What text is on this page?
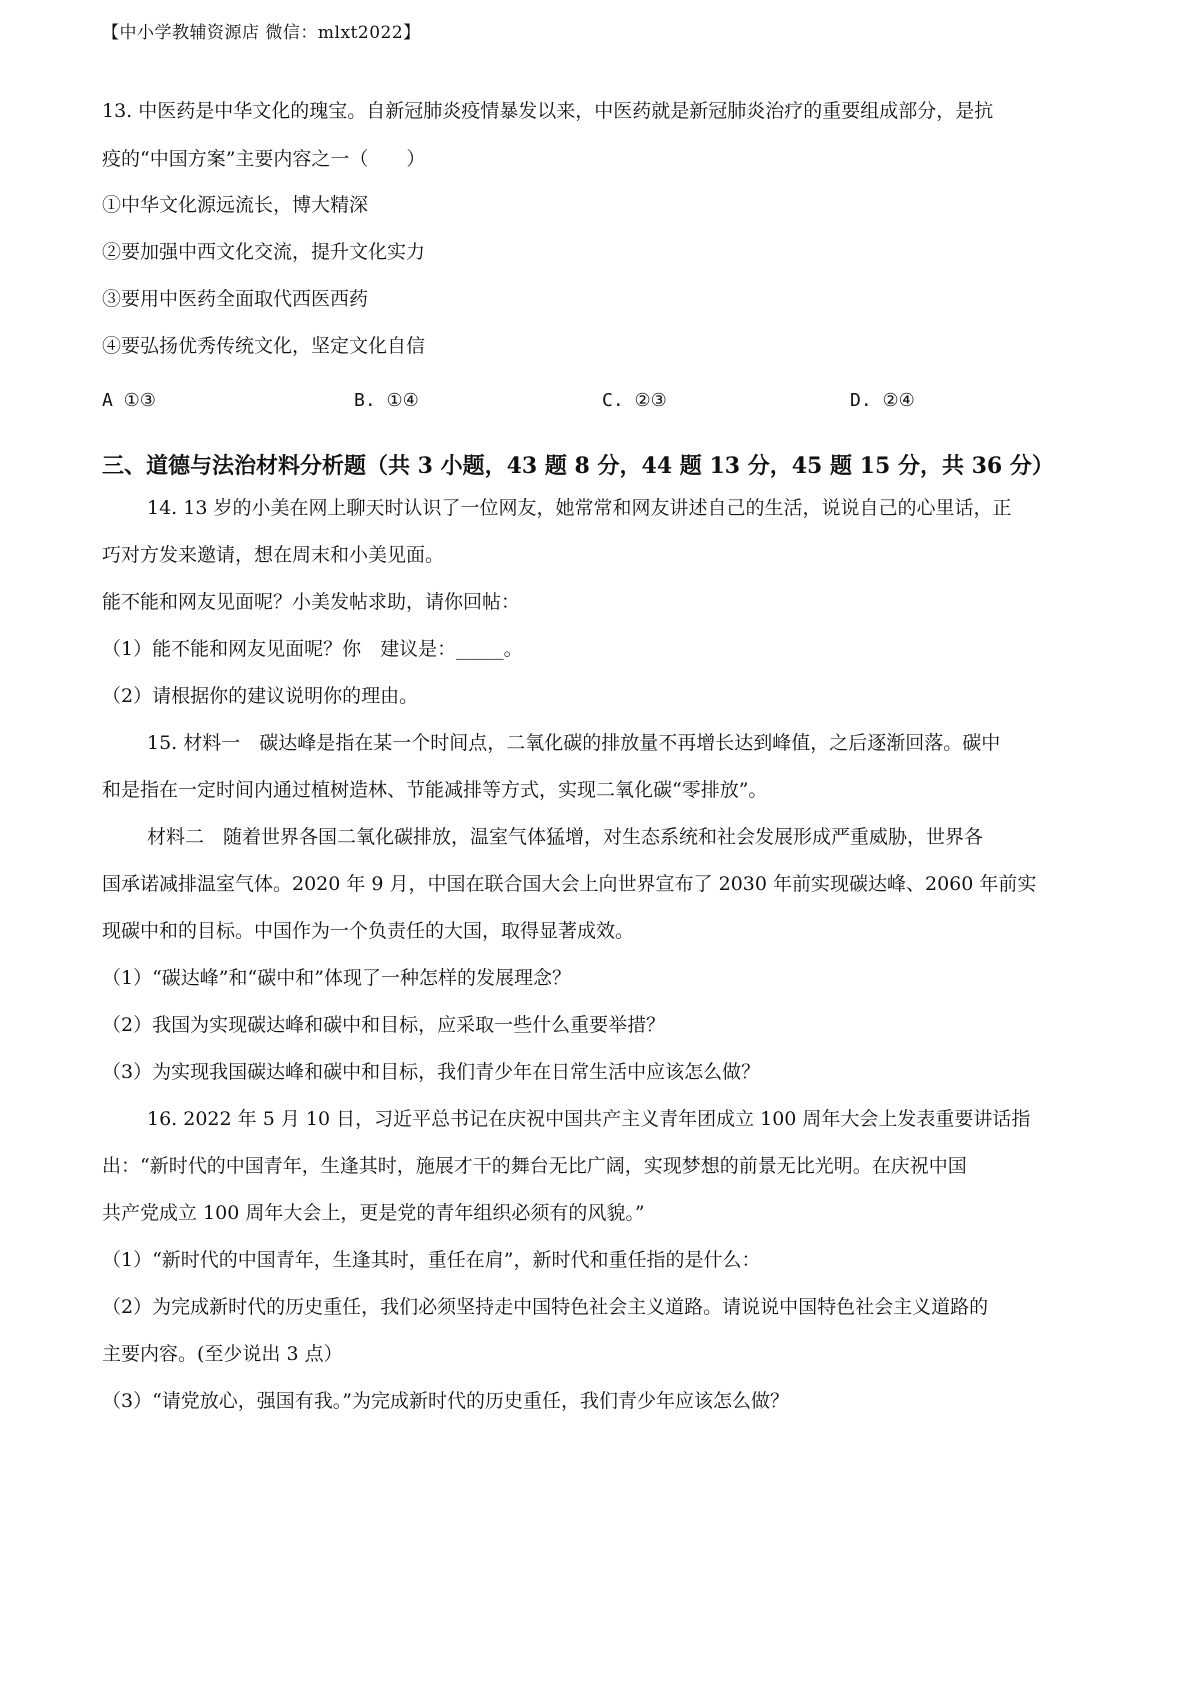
【中小学教辅资源店 微信：mlxt2022】
13. 中医药是中华文化的瑰宝。自新冠肺炎疫情暴发以来，中医药就是新冠肺炎治疗的重要组成部分，是抗
疫的“中国方案”主要内容之一（　　）
①中华文化源远流长，博大精深
②要加强中西文化交流，提升文化实力
③要用中医药全面取代西医西药
④要弘扬优秀传统文化，坚定文化自信
A ①③	B. ①④	C. ②③	D. ②④
三、道德与法治材料分析题（共 3 小题，43 题 8 分，44 题 13 分，45 题 15 分，共 36 分）
14. 13 岁的小美在网上聊天时认识了一位网友，她常常和网友讲述自己的生活，说说自己的心里话，正
巧对方发来邀请，想在周末和小美见面。
能不能和网友见面呢？小美发帖求助，请你回帖：
（1）能不能和网友见面呢？你　建议是：_____。
（2）请根据你的建议说明你的理由。
15. 材料一　碳达峰是指在某一个时间点，二氧化碳的排放量不再增长达到峰值，之后逐渐回落。碳中
和是指在一定时间内通过植树造林、节能减排等方式，实现二氧化碳“零排放”。
材料二　随着世界各国二氧化碳排放，温室气体猛增，对生态系统和社会发展形成严重威胁，世界各
国承诺减排温室气体。2020 年 9 月，中国在联合国大会上向世界宣布了 2030 年前实现碳达峰、2060 年前实
现碳中和的目标。中国作为一个负责任的大国，取得显著成效。
（1）“碳达峰”和“碳中和”体现了一种怎样的发展理念？
（2）我国为实现碳达峰和碳中和目标，应采取一些什么重要举措？
（3）为实现我国碳达峰和碳中和目标，我们青少年在日常生活中应该怎么做？
16. 2022 年 5 月 10 日，习近平总书记在庆祝中国共产主义青年团成立 100 周年大会上发表重要讲话指
出：“新时代的中国青年，生逢其时，施展才干的舞台无比广阔，实现梦想的前景无比光明。在庆祝中国
共产党成立 100 周年大会上，更是党的青年组织必须有的风貌。”
（1）“新时代的中国青年，生逢其时，重任在肩”，新时代和重任指的是什么：
（2）为完成新时代的历史重任，我们必须坚持走中国特色社会主义道路。请说说中国特色社会主义道路的
主要内容。(至少说出 3 点）
（3）“请党放心，强国有我。”为完成新时代的历史重任，我们青少年应该怎么做？
